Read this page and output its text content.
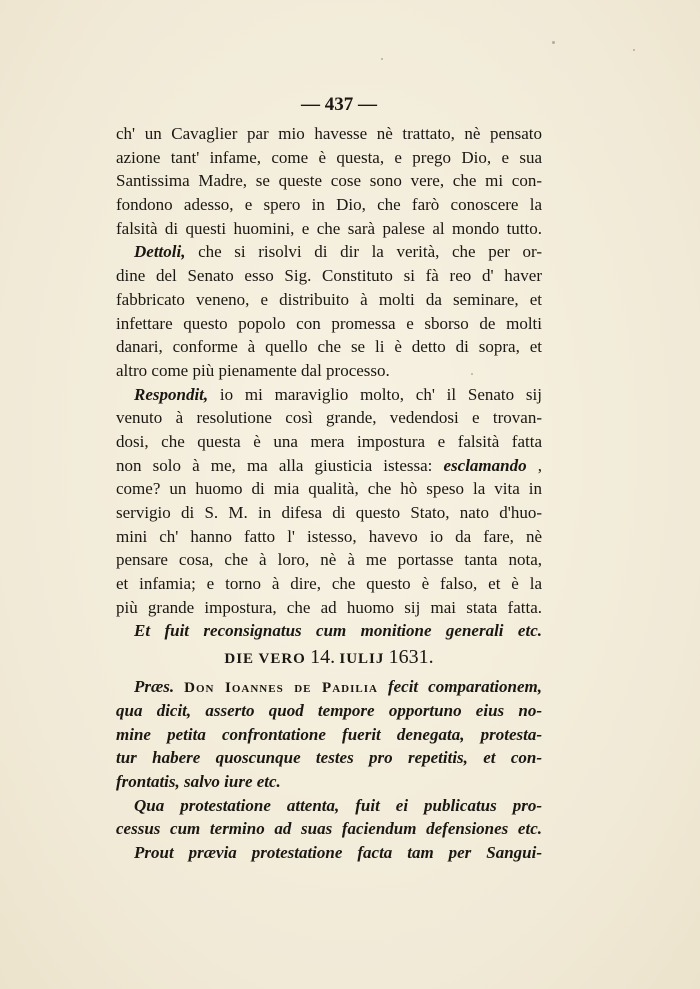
— 437 —
ch' un Cavaglier par mio havesse nè trattato, nè pensato
azione tant' infame, come è questa, e prego Dio, e sua
Santissima Madre, se queste cose sono vere, che mi con-
fondono adesso, e spero in Dio, che farò conoscere la
falsità di questi huomini, e che sarà palese al mondo tutto.
Dettoli, che si risolvi di dir la verità, che per or-
dine del Senato esso Sig. Constituto si fà reo d' haver
fabbricato veneno, e distribuito à molti da seminare, et
infettare questo popolo con promessa e sborso de molti
danari, conforme à quello che se li è detto di sopra, et
altro come più pienamente dal processo.
Respondit, io mi maraviglio molto, ch' il Senato sij
venuto à resolutione così grande, vedendosi e trovan-
dosi, che questa è una mera impostura e falsità fatta
non solo à me, ma alla giusticia istessa: esclamando ,
come? un huomo di mia qualità, che hò speso la vita in
servigio di S. M. in difesa di questo Stato, nato d'huo-
mini ch' hanno fatto l' istesso, havevo io da fare, nè
pensare cosa, che à loro, nè à me portasse tanta nota,
et infamia; e torno à dire, che questo è falso, et è la
più grande impostura, che ad huomo sij mai stata fatta.
Et fuit reconsignatus cum monitione generali etc.
DIE VERO 14. IULIJ 1631.
Præs. Don Ioannes de Padilia fecit comparationem,
qua dicit, asserto quod tempore opportuno eius no-
mine petita confrontatione fuerit denegata, protesta-
tur habere quoscunque testes pro repetitis, et con-
frontatis, salvo iure etc.
Qua protestatione attenta, fuit ei publicatus pro-
cessus cum termino ad suas faciendum defensiones etc.
Prout prævia protestatione facta tam per Sangui-
